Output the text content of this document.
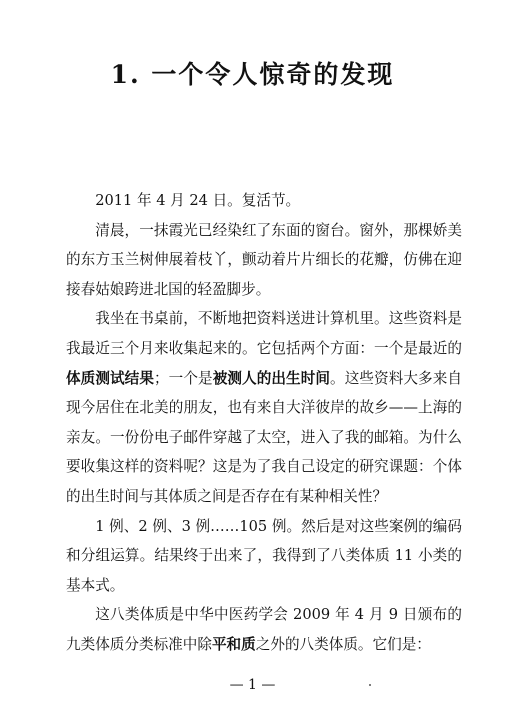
1. 一个令人惊奇的发现

2011 年 4 月 24 日。复活节。

清晨，一抹霞光已经染红了东面的窗台。窗外，那棵娇美的东方玉兰树伸展着枝丫，颤动着片片细长的花瓣，仿佛在迎接春姑娘跨进北国的轻盈脚步。

我坐在书桌前，不断地把资料送进计算机里。这些资料是我最近三个月来收集起来的。它包括两个方面：一个是最近的体质测试结果；一个是被测人的出生时间。这些资料大多来自现今居住在北美的朋友，也有来自大洋彼岸的故乡——上海的亲友。一份份电子邮件穿越了太空，进入了我的邮箱。为什么要收集这样的资料呢？这是为了我自己设定的研究课题：个体的出生时间与其体质之间是否存在有某种相关性？

1 例、2 例、3 例……105 例。然后是对这些案例的编码和分组运算。结果终于出来了，我得到了八类体质 11 小类的基本式。

这八类体质是中华中医药学会 2009 年 4 月 9 日颁布的九类体质分类标准中除平和质之外的八类体质。它们是：

— 1 —
